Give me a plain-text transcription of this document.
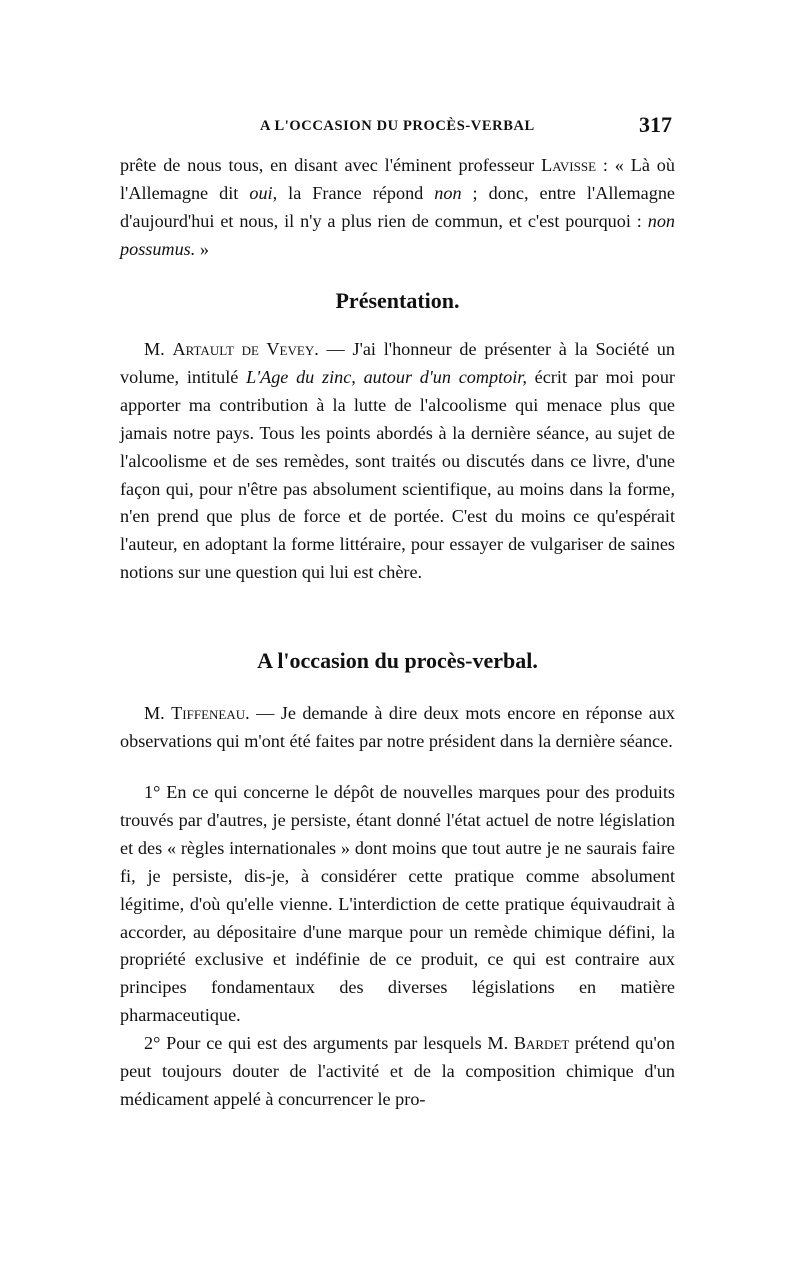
A L'OCCASION DU PROCÈS-VERBAL	317

prête de nous tous, en disant avec l'éminent professeur Lavisse : « Là où l'Allemagne dit oui, la France répond non ; donc, entre l'Allemagne d'aujourd'hui et nous, il n'y a plus rien de commun, et c'est pourquoi : non possumus. »

Présentation.

M. Artault de Vevey. — J'ai l'honneur de présenter à la Société un volume, intitulé L'Age du zinc, autour d'un comptoir, écrit par moi pour apporter ma contribution à la lutte de l'alcoolisme qui menace plus que jamais notre pays. Tous les points abordés à la dernière séance, au sujet de l'alcoolisme et de ses remèdes, sont traités ou discutés dans ce livre, d'une façon qui, pour n'être pas absolument scientifique, au moins dans la forme, n'en prend que plus de force et de portée. C'est du moins ce qu'espérait l'auteur, en adoptant la forme littéraire, pour essayer de vulgariser de saines notions sur une question qui lui est chère.

A l'occasion du procès-verbal.

M. Tiffeneau. — Je demande à dire deux mots encore en réponse aux observations qui m'ont été faites par notre président dans la dernière séance.

1° En ce qui concerne le dépôt de nouvelles marques pour des produits trouvés par d'autres, je persiste, étant donné l'état actuel de notre législation et des « règles internationales » dont moins que tout autre je ne saurais faire fi, je persiste, dis-je, à considérer cette pratique comme absolument légitime, d'où qu'elle vienne. L'interdiction de cette pratique équivaudrait à accorder, au dépositaire d'une marque pour un remède chimique défini, la propriété exclusive et indéfinie de ce produit, ce qui est contraire aux principes fondamentaux des diverses législations en matière pharmaceutique.

2° Pour ce qui est des arguments par lesquels M. Bardet prétend qu'on peut toujours douter de l'activité et de la composition chimique d'un médicament appelé à concurrencer le pro-
